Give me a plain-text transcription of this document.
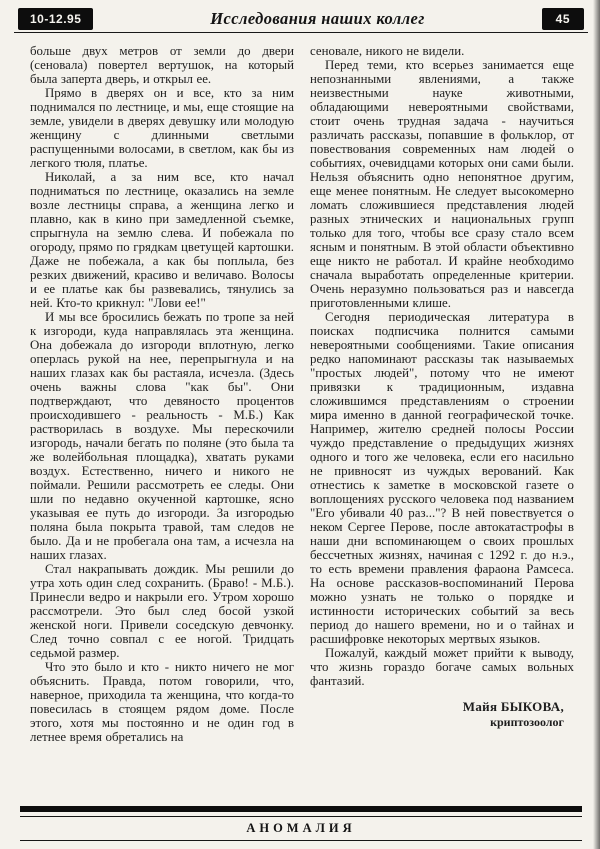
10-12.95	Исследования наших коллег	45

больше двух метров от земли до двери (сеновала) повертел вертушок, на который была заперта дверь, и открыл ее.

Прямо в дверях он и все, кто за ним поднимался по лестнице, и мы, еще стоящие на земле, увидели в дверях девушку или молодую женщину с длинными светлыми распущенными волосами, в светлом, как бы из легкого тюля, платье.

Николай, а за ним все, кто начал подниматься по лестнице, оказались на земле возле лестницы справа, а женщина легко и плавно, как в кино при замедленной съемке, спрыгнула на землю слева. И побежала по огороду, прямо по грядкам цветущей картошки. Даже не побежала, а как бы поплыла, без резких движений, красиво и величаво. Волосы и ее платье как бы развевались, тянулись за ней. Кто-то крикнул: "Лови ее!"

И мы все бросились бежать по тропе за ней к изгороди, куда направлялась эта женщина. Она добежала до изгороди вплотную, легко оперлась рукой на нее, перепрыгнула и на наших глазах как бы растаяла, исчезла. (Здесь очень важны слова "как бы". Они подтверждают, что девяносто процентов происходившего - реальность - М.Б.) Как растворилась в воздухе. Мы перескочили изгородь, начали бегать по поляне (это была та же волейбольная площадка), хватать руками воздух. Естественно, ничего и никого не поймали. Решили рассмотреть ее следы. Они шли по недавно окученной картошке, ясно указывая ее путь до изгороди. За изгородью поляна была покрыта травой, там следов не было. Да и не пробегала она там, а исчезла на наших глазах.

Стал накрапывать дождик. Мы решили до утра хоть один след сохранить. (Браво! - М.Б.). Принесли ведро и накрыли его. Утром хорошо рассмотрели. Это был след босой узкой женской ноги. Привели соседскую девчонку. След точно совпал с ее ногой. Тридцать седьмой размер.

Что это было и кто - никто ничего не мог объяснить. Правда, потом говорили, что, наверное, приходила та женщина, что когда-то повесилась в стоящем рядом доме. После этого, хотя мы постоянно и не один год в летнее время обретались на

сеновале, никого не видели.

Перед теми, кто всерьез занимается еще непознанными явлениями, а также неизвестными науке животными, обладающими невероятными свойствами, стоит очень трудная задача - научиться различать рассказы, попавшие в фольклор, от повествования современных нам людей о событиях, очевидцами которых они сами были. Нельзя объяснить одно непонятное другим, еще менее понятным. Не следует высокомерно ломать сложившиеся представления людей разных этнических и национальных групп только для того, чтобы все сразу стало всем ясным и понятным. В этой области объективно еще никто не работал. И крайне необходимо сначала выработать определенные критерии. Очень неразумно пользоваться раз и навсегда приготовленными клише.

Сегодня периодическая литература в поисках подписчика полнится самыми невероятными сообщениями. Такие описания редко напоминают рассказы так называемых "простых людей", потому что не имеют привязки к традиционным, издавна сложившимся представлениям о строении мира именно в данной географической точке. Например, жителю средней полосы России чуждо представление о предыдущих жизнях одного и того же человека, если его насильно не привносят из чуждых верований. Как отнестись к заметке в московской газете о воплощениях русского человека под названием "Его убивали 40 раз..."? В ней повествуется о неком Сергее Перове, после автокатастрофы в наши дни вспоминающем о своих прошлых бессчетных жизнях, начиная с 1292 г. до н.э., то есть времени правления фараона Рамсеса. На основе рассказов-воспоминаний Перова можно узнать не только о порядке и истинности исторических событий за весь период до нашего времени, но и о тайнах и расшифровке некоторых мертвых языков.

Пожалуй, каждый может прийти к выводу, что жизнь гораздо богаче самых вольных фантазий.

Майя БЫКОВА,
криптозоолог
АНОМАЛИЯ
